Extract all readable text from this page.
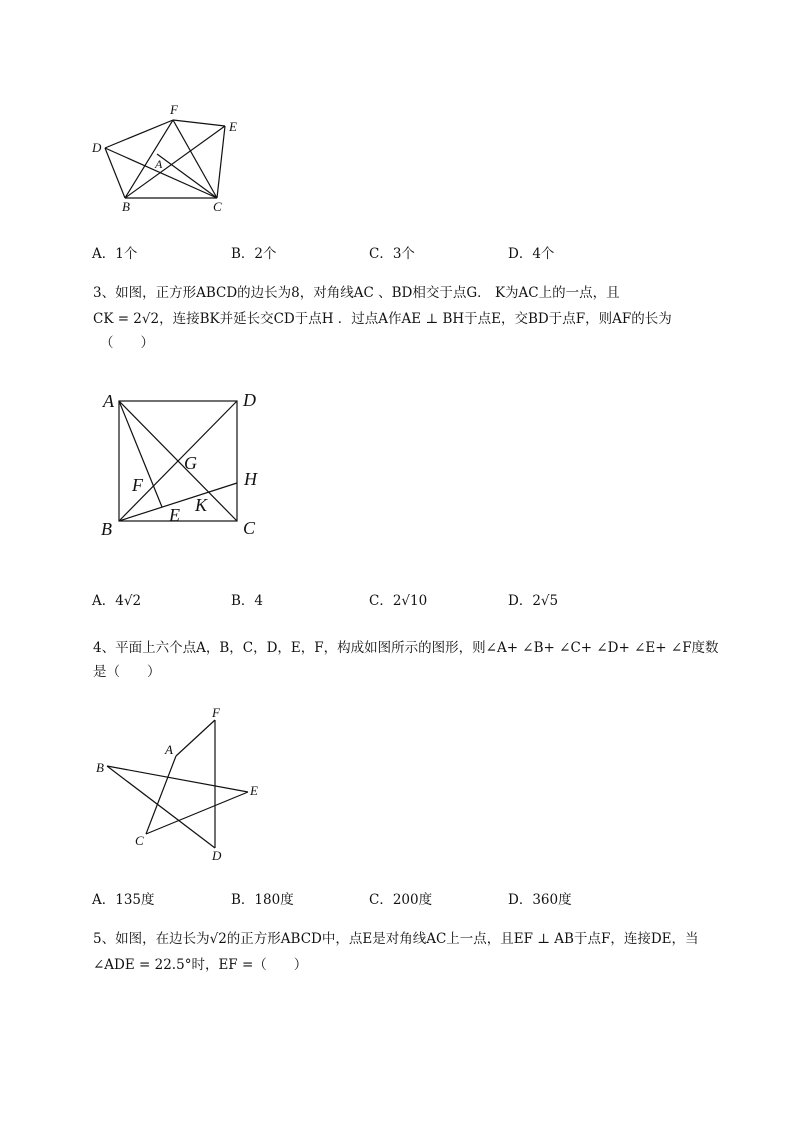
F
E
D
A
B	C
A．1个	B．2个	C．3个	D．4个
3、如图，正方形ABCD的边长为8，对角线AC 、BD相交于点G． K为AC上的一点，且
CK = 2√2，连接BK并延长交CD于点H ．过点A作AE ⊥ BH于点E，交BD于点F，则AF的长为
（　　）
A	D
G
H
F
E K
B	C
A．4√2	B．4	C．2√10	D．2√5
4、平面上六个点A，B，C，D，E，F，构成如图所示的图形，则∠A+ ∠B+ ∠C+ ∠D+ ∠E+ ∠F度数
是（　　）
F
A
B
E
C
D
A．135度	B．180度	C．200度	D．360度
5、如图，在边长为√2的正方形ABCD中，点E是对角线AC上一点，且EF ⊥ AB于点F，连接DE，当
∠ADE = 22.5°时，EF =（　　）
